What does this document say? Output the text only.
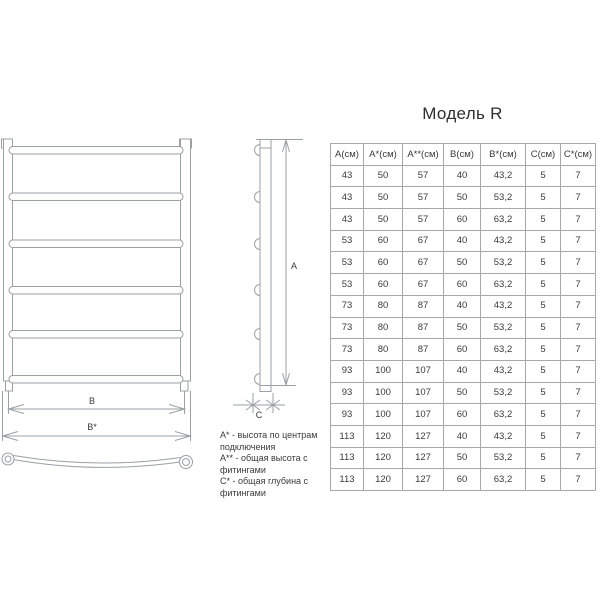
В
В*
А
С
Модель R
А(см)	А*(см)	А**(см)	В(см)	В*(см)	С(см)	С*(см)
43	50	57	40	43,2	5	7
43	50	57	50	53,2	5	7
43	50	57	60	63,2	5	7
53	60	67	40	43,2	5	7
53	60	67	50	53,2	5	7
53	60	67	60	63,2	5	7
73	80	87	40	43,2	5	7
73	80	87	50	53,2	5	7
73	80	87	60	63,2	5	7
93	100	107	40	43,2	5	7
93	100	107	50	53,2	5	7
93	100	107	60	63,2	5	7
113	120	127	40	43,2	5	7
113	120	127	50	53,2	5	7
113	120	127	60	63,2	5	7

А* - высота по центрам подключения

А** - общая высота с фитингами

С* - общая глубина с фитингами
